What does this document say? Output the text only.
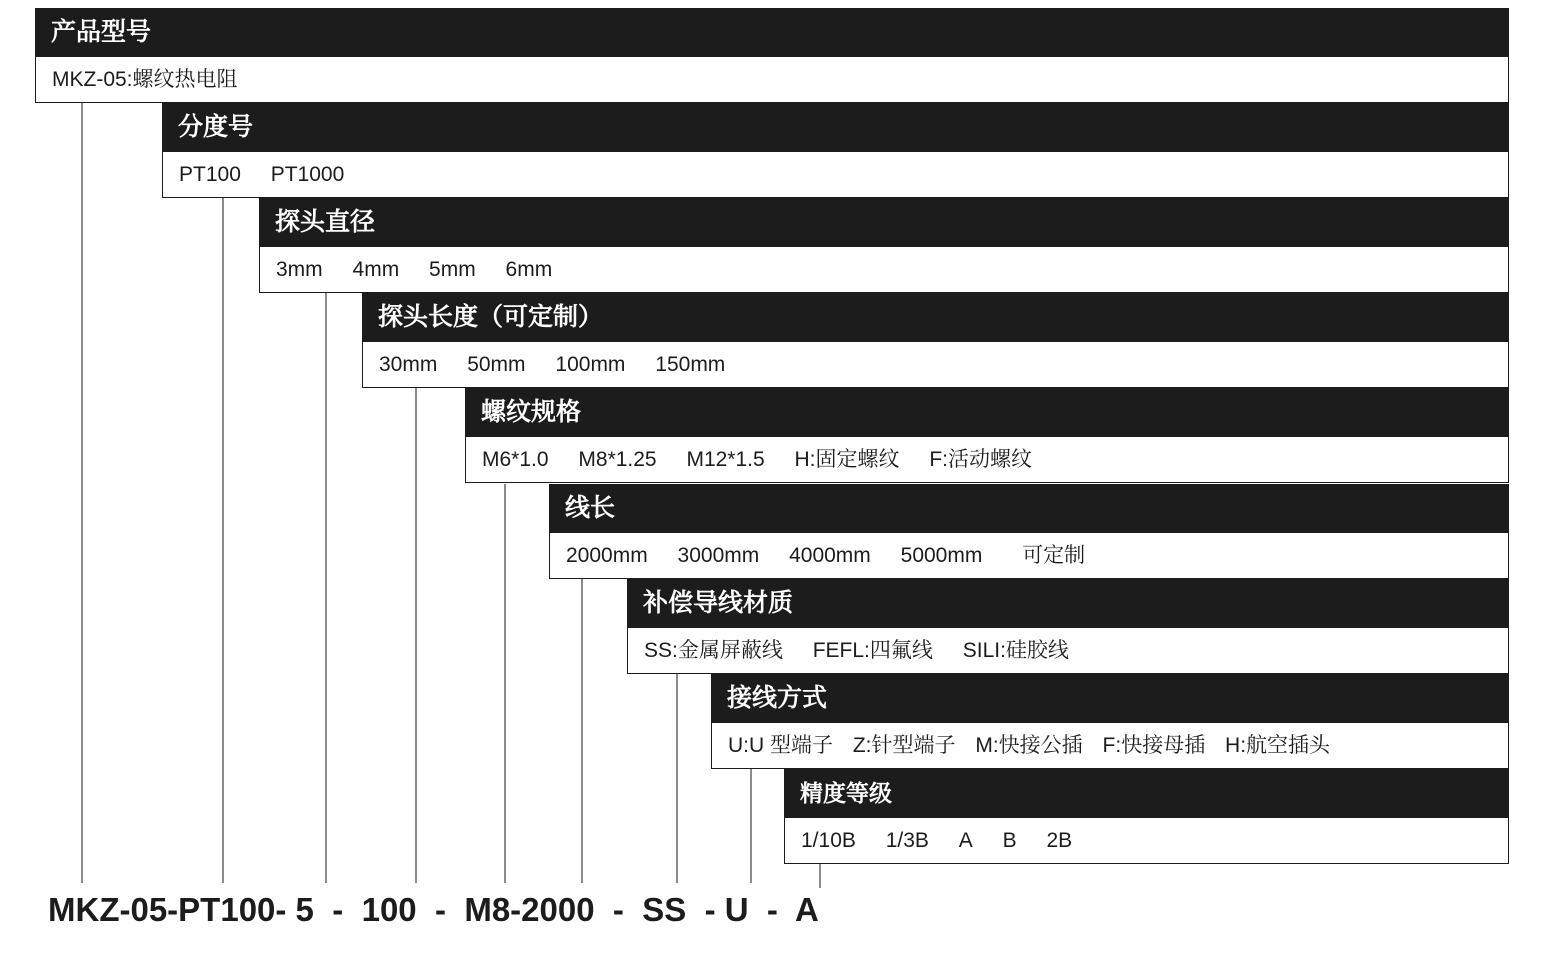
产品型号
MKZ-05:螺纹热电阻
分度号
PT100 PT1000
探头直径
3mm 4mm 5mm 6mm
探头长度（可定制）
30mm 50mm 100mm 150mm
螺纹规格
M6*1.0 M8*1.25 M12*1.5 H:固定螺纹 F:活动螺纹
线长
2000mm 3000mm 4000mm 5000mm 可定制
补偿导线材质
SS:金属屏蔽线 FEFL:四氟线 SILI:硅胶线
接线方式
U:U 型端子 Z:针型端子 M:快接公插 F:快接母插 H:航空插头
精度等级
1/10B 1/3B A B 2B
MKZ-05-PT100- 5  -  100  -  M8-2000  -  SS  - U  -  A
